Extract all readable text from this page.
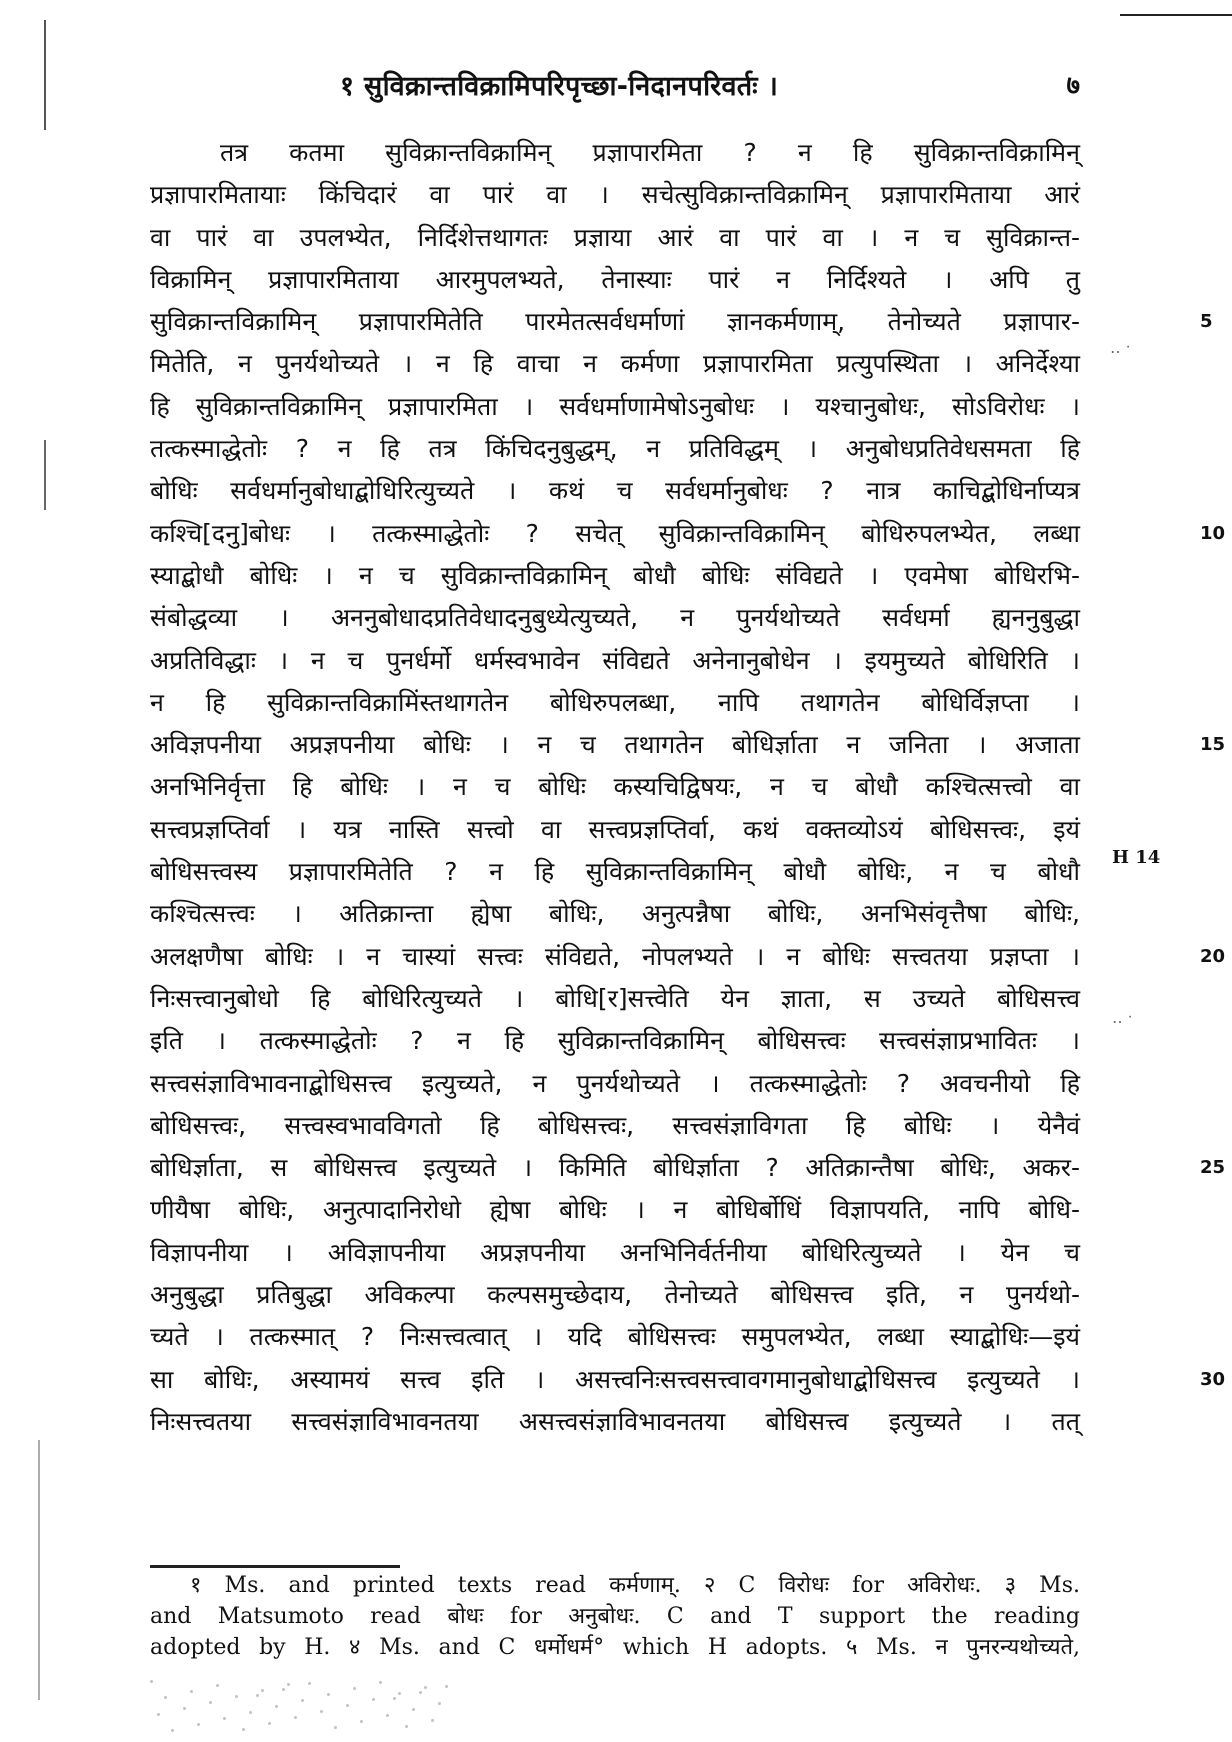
१ सुविक्रान्तविक्रामिपरिपृच्छा-निदानपरिवर्तः ।	७
तत्र कतमा सुविक्रान्तविक्रामिन् प्रज्ञापारमिता ? न हि सुविक्रान्तविक्रामिन्
प्रज्ञापारमितायाः किंचिदारं वा पारं वा । सचेत्सुविक्रान्तविक्रामिन् प्रज्ञापारमिताया आरं
वा पारं वा उपलभ्येत, निर्दिशेत्तथागतः प्रज्ञाया आरं वा पारं वा । न च सुविक्रान्त-
विक्रामिन् प्रज्ञापारमिताया आरमुपलभ्यते, तेनास्याः पारं न निर्दिश्यते । अपि तु
सुविक्रान्तविक्रामिन् प्रज्ञापारमितेति पारमेतत्सर्वधर्माणां ज्ञानकर्मणाम्, तेनोच्यते प्रज्ञापार-	5
मितेति, न पुनर्यथोच्यते । न हि वाचा न कर्मणा प्रज्ञापारमिता प्रत्युपस्थिता । अनिर्देश्या
हि सुविक्रान्तविक्रामिन् प्रज्ञापारमिता । सर्वधर्माणामेषोऽनुबोधः । यश्चानुबोधः, सोऽविरोधः ।
तत्कस्माद्धेतोः ? न हि तत्र किंचिदनुबुद्धम्, न प्रतिविद्धम् । अनुबोधप्रतिवेधसमता हि
बोधिः सर्वधर्मानुबोधाद्बोधिरित्युच्यते । कथं च सर्वधर्मानुबोधः ? नात्र काचिद्बोधिर्नाप्यत्र
कश्चि[दनु]बोधः । तत्कस्माद्धेतोः ? सचेत् सुविक्रान्तविक्रामिन् बोधिरुपलभ्येत, लब्धा	10
स्याद्बोधौ बोधिः । न च सुविक्रान्तविक्रामिन् बोधौ बोधिः संविद्यते । एवमेषा बोधिरभि-
संबोद्धव्या । अननुबोधादप्रतिवेधादनुबुध्येत्युच्यते, न पुनर्यथोच्यते सर्वधर्मा ह्यननुबुद्धा
अप्रतिविद्धाः । न च पुनर्धर्मो धर्मस्वभावेन संविद्यते अनेनानुबोधेन । इयमुच्यते बोधिरिति ।
न हि सुविक्रान्तविक्रामिंस्तथागतेन बोधिरुपलब्धा, नापि तथागतेन बोधिर्विज्ञप्ता ।
अविज्ञपनीया अप्रज्ञपनीया बोधिः । न च तथागतेन बोधिर्ज्ञाता न जनिता । अजाता	15
अनभिनिर्वृत्ता हि बोधिः । न च बोधिः कस्यचिद्विषयः, न च बोधौ कश्चित्सत्त्वो वा
सत्त्वप्रज्ञप्तिर्वा । यत्र नास्ति सत्त्वो वा सत्त्वप्रज्ञप्तिर्वा, कथं वक्तव्योऽयं बोधिसत्त्वः, इयं
बोधिसत्त्वस्य प्रज्ञापारमितेति ? न हि सुविक्रान्तविक्रामिन् बोधौ बोधिः, न च बोधौ
कश्चित्सत्त्वः । अतिक्रान्ता ह्येषा बोधिः, अनुत्पन्नैषा बोधिः, अनभिसंवृत्तैषा बोधिः,
अलक्षणैषा बोधिः । न चास्यां सत्त्वः संविद्यते, नोपलभ्यते । न बोधिः सत्त्वतया प्रज्ञप्ता ।	20
निःसत्त्वानुबोधो हि बोधिरित्युच्यते । बोधि[र]सत्त्वेति येन ज्ञाता, स उच्यते बोधिसत्त्व
इति । तत्कस्माद्धेतोः ? न हि सुविक्रान्तविक्रामिन् बोधिसत्त्वः सत्त्वसंज्ञाप्रभावितः ।
सत्त्वसंज्ञाविभावनाद्बोधिसत्त्व इत्युच्यते, न पुनर्यथोच्यते । तत्कस्माद्धेतोः ? अवचनीयो हि
बोधिसत्त्वः, सत्त्वस्वभावविगतो हि बोधिसत्त्वः, सत्त्वसंज्ञाविगता हि बोधिः । येनैवं
बोधिर्ज्ञाता, स बोधिसत्त्व इत्युच्यते । किमिति बोधिर्ज्ञाता ? अतिक्रान्तैषा बोधिः, अकर-	25
णीयैषा बोधिः, अनुत्पादानिरोधो ह्येषा बोधिः । न बोधिर्बोधिं विज्ञापयति, नापि बोधि-
विज्ञापनीया । अविज्ञापनीया अप्रज्ञपनीया अनभिनिर्वर्तनीया बोधिरित्युच्यते । येन च
अनुबुद्धा प्रतिबुद्धा अविकल्पा कल्पसमुच्छेदाय, तेनोच्यते बोधिसत्त्व इति, न पुनर्यथो-
च्यते । तत्कस्मात् ? निःसत्त्वत्वात् । यदि बोधिसत्त्वः समुपलभ्येत, लब्धा स्याद्बोधिः—इयं
सा बोधिः, अस्यामयं सत्त्व इति । असत्त्वनिःसत्त्वसत्त्वावगमानुबोधाद्बोधिसत्त्व इत्युच्यते ।	30
निःसत्त्वतया सत्त्वसंज्ञाविभावनतया असत्त्वसंज्ञाविभावनतया बोधिसत्त्व इत्युच्यते । तत्
H 14
‥ ᐧ
‥ ᐧ
१ Ms. and printed texts read कर्मणाम्. २ C विरोधः for अविरोधः. ३ Ms.
and Matsumoto read बोधः for अनुबोधः. C and T support the reading
adopted by H. ४ Ms. and C धर्मोधर्म° which H adopts. ५ Ms. न पुनरन्यथोच्यते,
